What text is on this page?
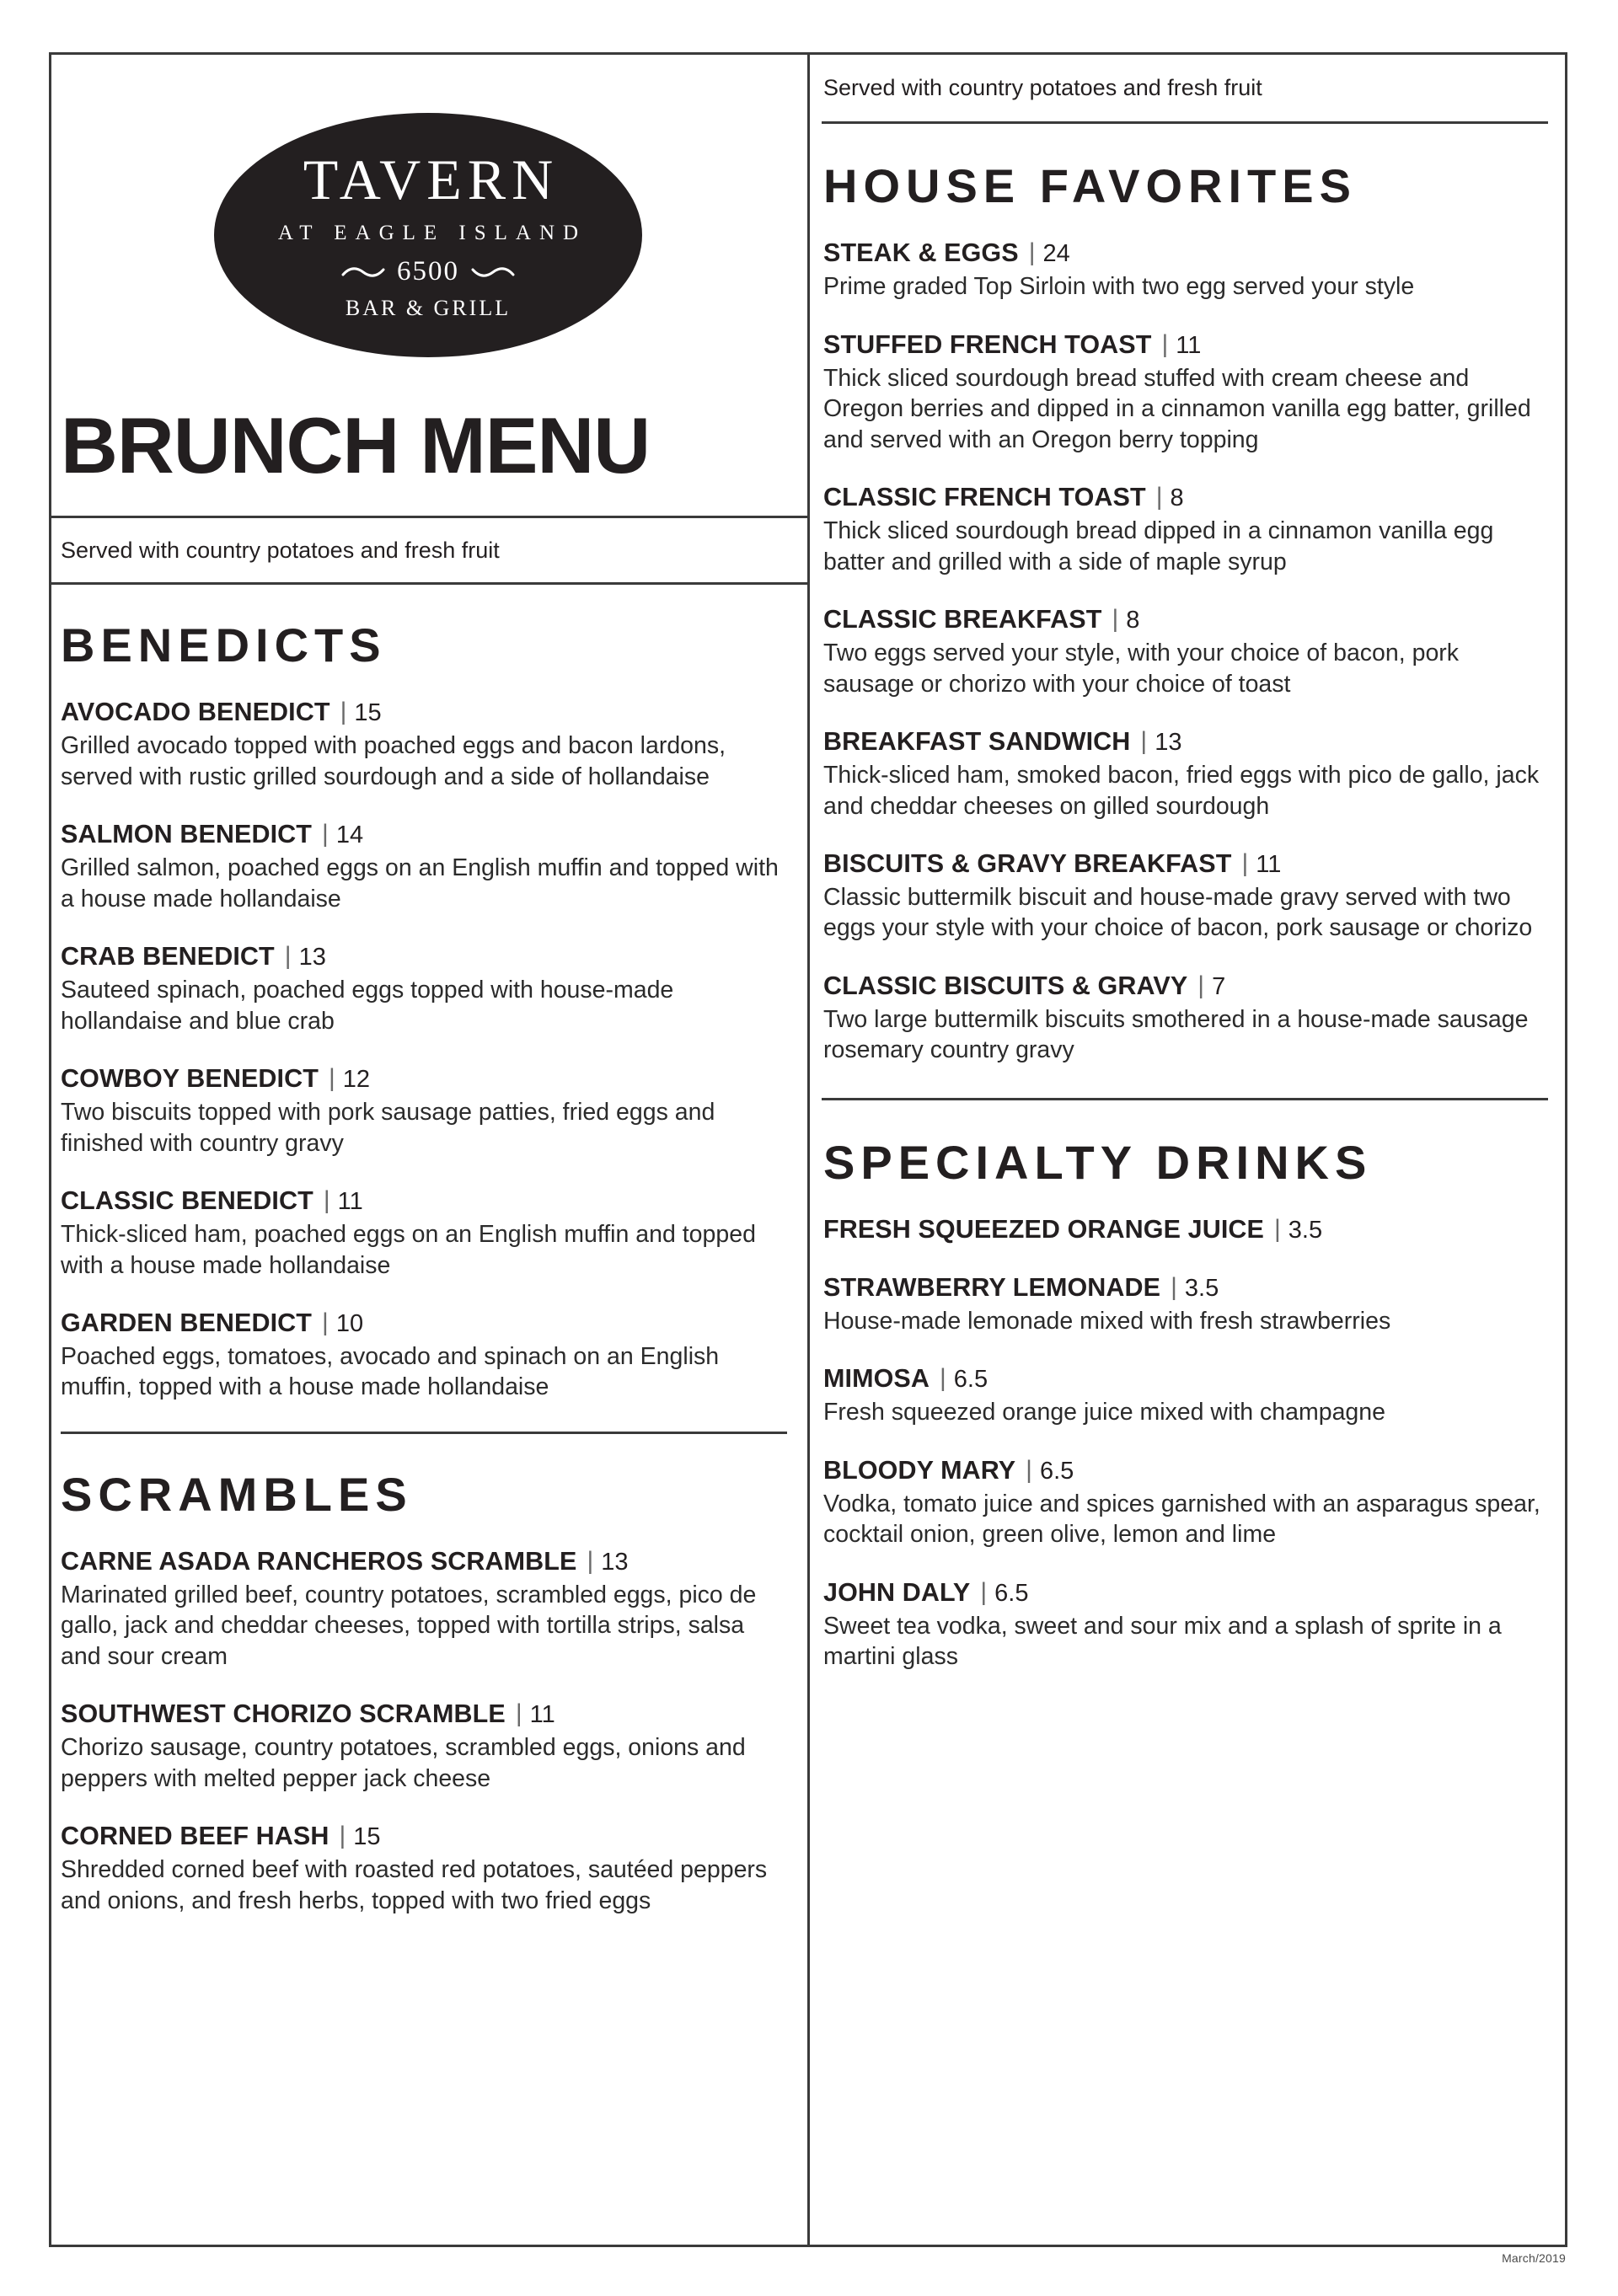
TAVERN
AT EAGLE ISLAND
6500
BAR & GRILL
BRUNCH MENU
Served with country potatoes and fresh fruit
BENEDICTS
AVOCADO BENEDICT | 15
Grilled avocado topped with poached eggs and bacon lardons, served with rustic grilled sourdough and a side of hollandaise
SALMON BENEDICT | 14
Grilled salmon, poached eggs on an English muffin and topped with a house made hollandaise
CRAB BENEDICT | 13
Sauteed spinach, poached eggs topped with house-made hollandaise and blue crab
COWBOY BENEDICT | 12
Two biscuits topped with pork sausage patties, fried eggs and finished with country gravy
CLASSIC BENEDICT | 11
Thick-sliced ham, poached eggs on an English muffin and topped with a house made hollandaise
GARDEN BENEDICT | 10
Poached eggs, tomatoes, avocado and spinach on an English muffin, topped with a house made hollandaise
SCRAMBLES
CARNE ASADA RANCHEROS SCRAMBLE | 13
Marinated grilled beef, country potatoes, scrambled eggs, pico de gallo, jack and cheddar cheeses, topped with tortilla strips, salsa and sour cream
SOUTHWEST CHORIZO SCRAMBLE | 11
Chorizo sausage, country potatoes, scrambled eggs, onions and peppers with melted pepper jack cheese
CORNED BEEF HASH | 15
Shredded corned beef with roasted red potatoes, sautéed peppers and onions, and fresh herbs, topped with two fried eggs
Served with country potatoes and fresh fruit
HOUSE FAVORITES
STEAK & EGGS | 24
Prime graded Top Sirloin with two egg served your style
STUFFED FRENCH TOAST | 11
Thick sliced sourdough bread stuffed with cream cheese and Oregon berries and dipped in a cinnamon vanilla egg batter, grilled and served with an Oregon berry topping
CLASSIC FRENCH TOAST | 8
Thick sliced sourdough bread dipped in a cinnamon vanilla egg batter and grilled with a side of maple syrup
CLASSIC BREAKFAST | 8
Two eggs served your style, with your choice of bacon, pork sausage or chorizo with your choice of toast
BREAKFAST SANDWICH | 13
Thick-sliced ham, smoked bacon, fried eggs with pico de gallo, jack and cheddar cheeses on gilled sourdough
BISCUITS & GRAVY BREAKFAST | 11
Classic buttermilk biscuit and house-made gravy served with two eggs your style with your choice of bacon, pork sausage or chorizo
CLASSIC BISCUITS & GRAVY | 7
Two large buttermilk biscuits smothered in a house-made sausage rosemary country gravy
SPECIALTY DRINKS
FRESH SQUEEZED ORANGE JUICE | 3.5
STRAWBERRY LEMONADE | 3.5
House-made lemonade mixed with fresh strawberries
MIMOSA | 6.5
Fresh squeezed orange juice mixed with champagne
BLOODY MARY | 6.5
Vodka, tomato juice and spices garnished with an asparagus spear, cocktail onion, green olive, lemon and lime
JOHN DALY | 6.5
Sweet tea vodka, sweet and sour mix and a splash of sprite in a martini glass
March/2019
